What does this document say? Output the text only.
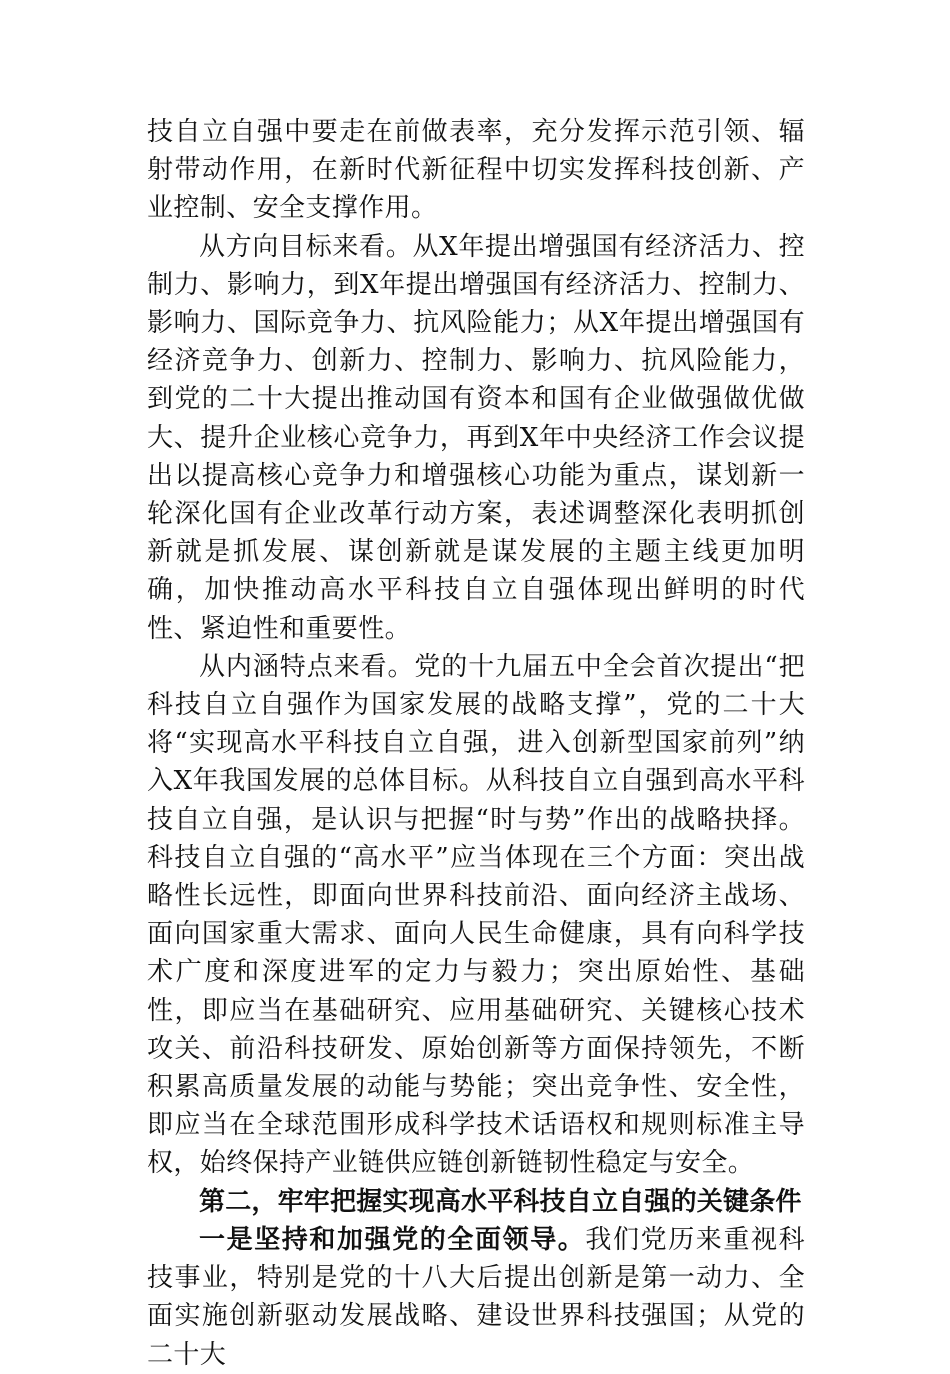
技自立自强中要走在前做表率，充分发挥示范引领、辐射带动作用，在新时代新征程中切实发挥科技创新、产业控制、安全支撑作用。

从方向目标来看。从X年提出增强国有经济活力、控制力、影响力，到X年提出增强国有经济活力、控制力、影响力、国际竞争力、抗风险能力；从X年提出增强国有经济竞争力、创新力、控制力、影响力、抗风险能力，到党的二十大提出推动国有资本和国有企业做强做优做大、提升企业核心竞争力，再到X年中央经济工作会议提出以提高核心竞争力和增强核心功能为重点，谋划新一轮深化国有企业改革行动方案，表述调整深化表明抓创新就是抓发展、谋创新就是谋发展的主题主线更加明确，加快推动高水平科技自立自强体现出鲜明的时代性、紧迫性和重要性。

从内涵特点来看。党的十九届五中全会首次提出“把科技自立自强作为国家发展的战略支撑”，党的二十大将“实现高水平科技自立自强，进入创新型国家前列”纳入X年我国发展的总体目标。从科技自立自强到高水平科技自立自强，是认识与把握“时与势”作出的战略抉择。科技自立自强的“高水平”应当体现在三个方面：突出战略性长远性，即面向世界科技前沿、面向经济主战场、面向国家重大需求、面向人民生命健康，具有向科学技术广度和深度进军的定力与毅力；突出原始性、基础性，即应当在基础研究、应用基础研究、关键核心技术攻关、前沿科技研发、原始创新等方面保持领先，不断积累高质量发展的动能与势能；突出竞争性、安全性，即应当在全球范围形成科学技术话语权和规则标准主导权，始终保持产业链供应链创新链韧性稳定与安全。

第二，牢牢把握实现高水平科技自立自强的关键条件

一是坚持和加强党的全面领导。我们党历来重视科技事业，特别是党的十八大后提出创新是第一动力、全面实施创新驱动发展战略、建设世界科技强国；从党的二十大
